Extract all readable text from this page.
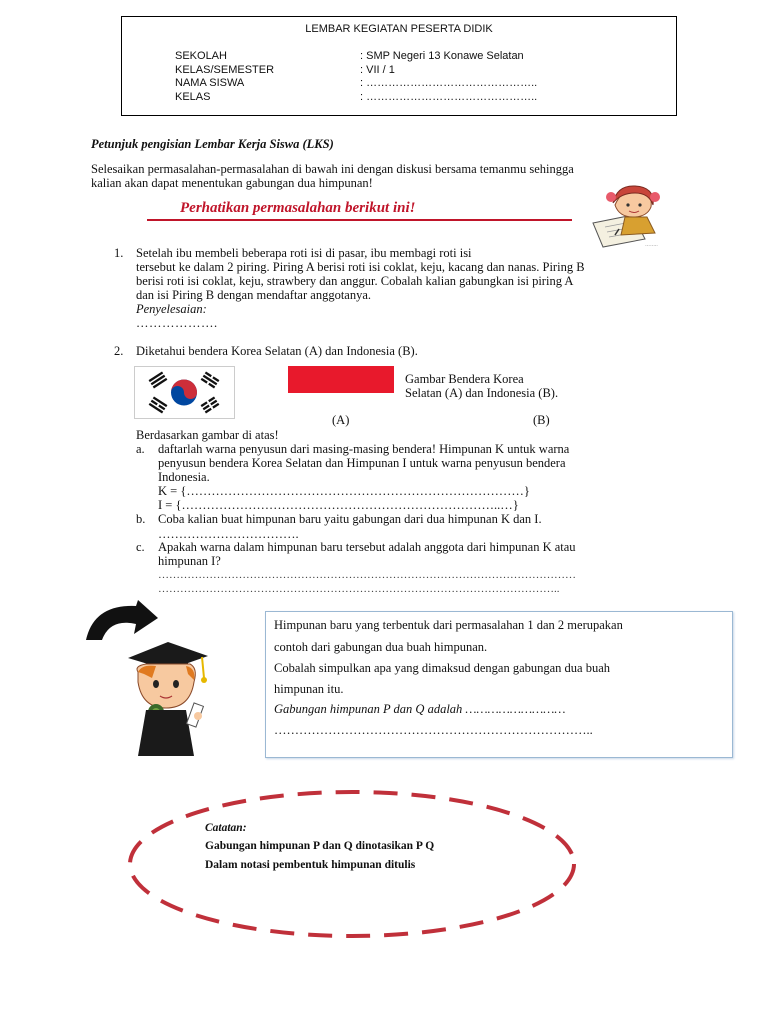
LEMBAR KEGIATAN PESERTA DIDIK
SEKOLAH	: SMP Negeri 13 Konawe Selatan
KELAS/SEMESTER	: VII / 1
NAMA SISWA	: ………………………………………..
KELAS	: ………………………………………..
Petunjuk pengisian Lembar Kerja Siswa (LKS)
Selesaikan permasalahan-permasalahan di bawah ini dengan diskusi bersama temanmu sehingga
kalian akan dapat menentukan gabungan dua himpunan!
Perhatikan permasalahan berikut ini!
……..
1. Setelah ibu membeli beberapa roti isi di pasar, ibu membagi roti isi
tersebut ke dalam 2 piring. Piring A berisi roti isi coklat, keju, kacang dan nanas. Piring B
berisi roti isi coklat, keju, strawbery dan anggur. Cobalah kalian gabungkan isi piring A
dan isi Piring B dengan mendaftar anggotanya.
Penyelesaian:
……………….
2. Diketahui bendera Korea Selatan (A) dan Indonesia (B).
Gambar Bendera Korea
Selatan (A) dan Indonesia (B).
(A)	(B)
Berdasarkan gambar di atas!
a. daftarlah warna penyusun dari masing-masing bendera! Himpunan K untuk warna
penyusun bendera Korea Selatan dan Himpunan I untuk warna penyusun bendera
Indonesia.
K = {………………………………………………………………………}
I = {…………………………………………………………………..…}
b. Coba kalian buat himpunan baru yaitu gabungan dari dua himpunan K dan I.
…………………………….
c. Apakah warna dalam himpunan baru tersebut adalah anggota dari himpunan K atau
himpunan I?
……………………………………………………………………………………………………
………………………………………………………………………………………………..
Himpunan baru yang terbentuk dari permasalahan 1 dan 2 merupakan
contoh dari gabungan dua buah himpunan.
Cobalah simpulkan apa yang dimaksud dengan gabungan dua buah
himpunan itu.
Gabungan himpunan P dan Q adalah ………………………
…………………………………………………………………..
Catatan:
Gabungan himpunan P dan Q dinotasikan P Q
Dalam notasi pembentuk himpunan ditulis
